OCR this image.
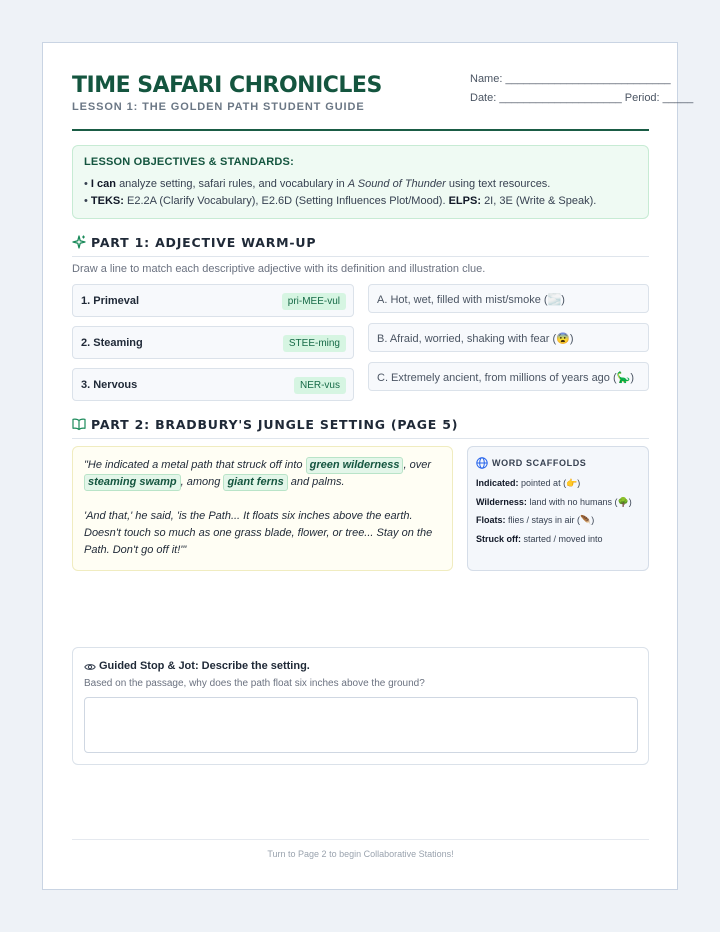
TIME SAFARI CHRONICLES
LESSON 1: THE GOLDEN PATH STUDENT GUIDE
Name: ___________________________
Date: ____________________ Period: _____
LESSON OBJECTIVES & STANDARDS:
• I can analyze setting, safari rules, and vocabulary in A Sound of Thunder using text resources.
• TEKS: E2.2A (Clarify Vocabulary), E2.6D (Setting Influences Plot/Mood). ELPS: 2I, 3E (Write & Speak).
PART 1: ADJECTIVE WARM-UP
Draw a line to match each descriptive adjective with its definition and illustration clue.
1. Primeval	pri-MEE-vul
2. Steaming	STEE-ming
3. Nervous	NER-vus
A. Hot, wet, filled with mist/smoke (🌫️)
B. Afraid, worried, shaking with fear (😨)
C. Extremely ancient, from millions of years ago (🦕)
PART 2: BRADBURY'S JUNGLE SETTING (PAGE 5)

"He indicated a metal path that struck off into green wilderness , over steaming swamp , among giant ferns and palms.

'And that,' he said, 'is the Path... It floats six inches above the earth. Doesn't touch so much as one grass blade, flower, or tree... Stay on the Path. Don't go off it!'"

WORD SCAFFOLDS
Indicated: pointed at (👉)
Wilderness: land with no humans (🌳)
Floats: flies / stays in air (🪶)
Struck off: started / moved into
Guided Stop & Jot: Describe the setting.
Based on the passage, why does the path float six inches above the ground?
Turn to Page 2 to begin Collaborative Stations!
